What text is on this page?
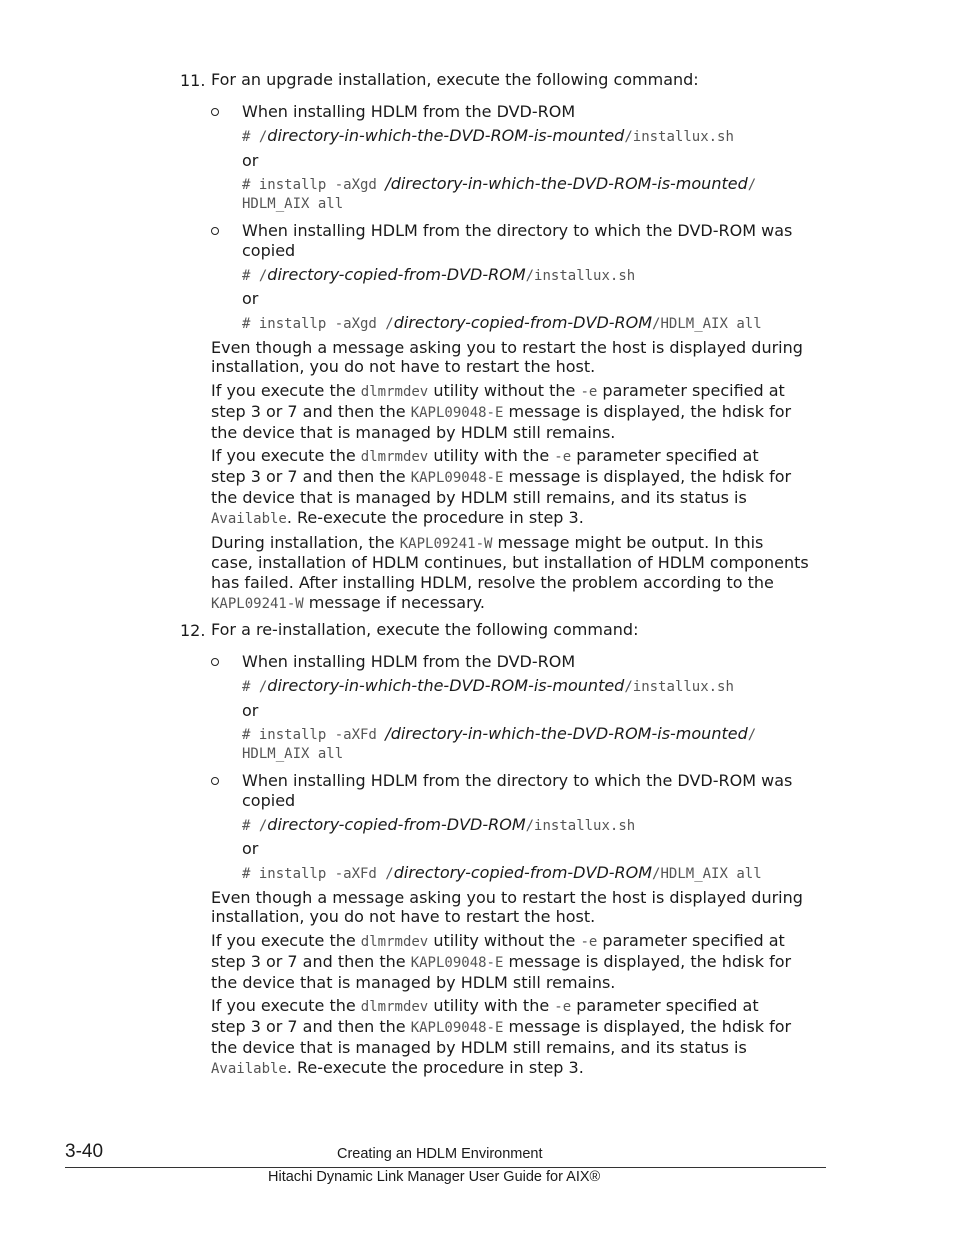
11. For an upgrade installation, execute the following command:
When installing HDLM from the DVD-ROM
# /directory-in-which-the-DVD-ROM-is-mounted/installux.sh
or
# installp -aXgd /directory-in-which-the-DVD-ROM-is-mounted/
HDLM_AIX all
When installing HDLM from the directory to which the DVD-ROM was
copied
# /directory-copied-from-DVD-ROM/installux.sh
or
# installp -aXgd /directory-copied-from-DVD-ROM/HDLM_AIX all
Even though a message asking you to restart the host is displayed during
installation, you do not have to restart the host.
If you execute the dlmrmdev utility without the -e parameter specified at
step 3 or 7 and then the KAPL09048-E message is displayed, the hdisk for
the device that is managed by HDLM still remains.
If you execute the dlmrmdev utility with the -e parameter specified at
step 3 or 7 and then the KAPL09048-E message is displayed, the hdisk for
the device that is managed by HDLM still remains, and its status is
Available. Re-execute the procedure in step 3.
During installation, the KAPL09241-W message might be output. In this
case, installation of HDLM continues, but installation of HDLM components
has failed. After installing HDLM, resolve the problem according to the
KAPL09241-W message if necessary.
12. For a re-installation, execute the following command:
When installing HDLM from the DVD-ROM
# /directory-in-which-the-DVD-ROM-is-mounted/installux.sh
or
# installp -aXFd /directory-in-which-the-DVD-ROM-is-mounted/
HDLM_AIX all
When installing HDLM from the directory to which the DVD-ROM was
copied
# /directory-copied-from-DVD-ROM/installux.sh
or
# installp -aXFd /directory-copied-from-DVD-ROM/HDLM_AIX all
Even though a message asking you to restart the host is displayed during
installation, you do not have to restart the host.
If you execute the dlmrmdev utility without the -e parameter specified at
step 3 or 7 and then the KAPL09048-E message is displayed, the hdisk for
the device that is managed by HDLM still remains.
If you execute the dlmrmdev utility with the -e parameter specified at
step 3 or 7 and then the KAPL09048-E message is displayed, the hdisk for
the device that is managed by HDLM still remains, and its status is
Available. Re-execute the procedure in step 3.
3-40	Creating an HDLM Environment
Hitachi Dynamic Link Manager User Guide for AIX®
